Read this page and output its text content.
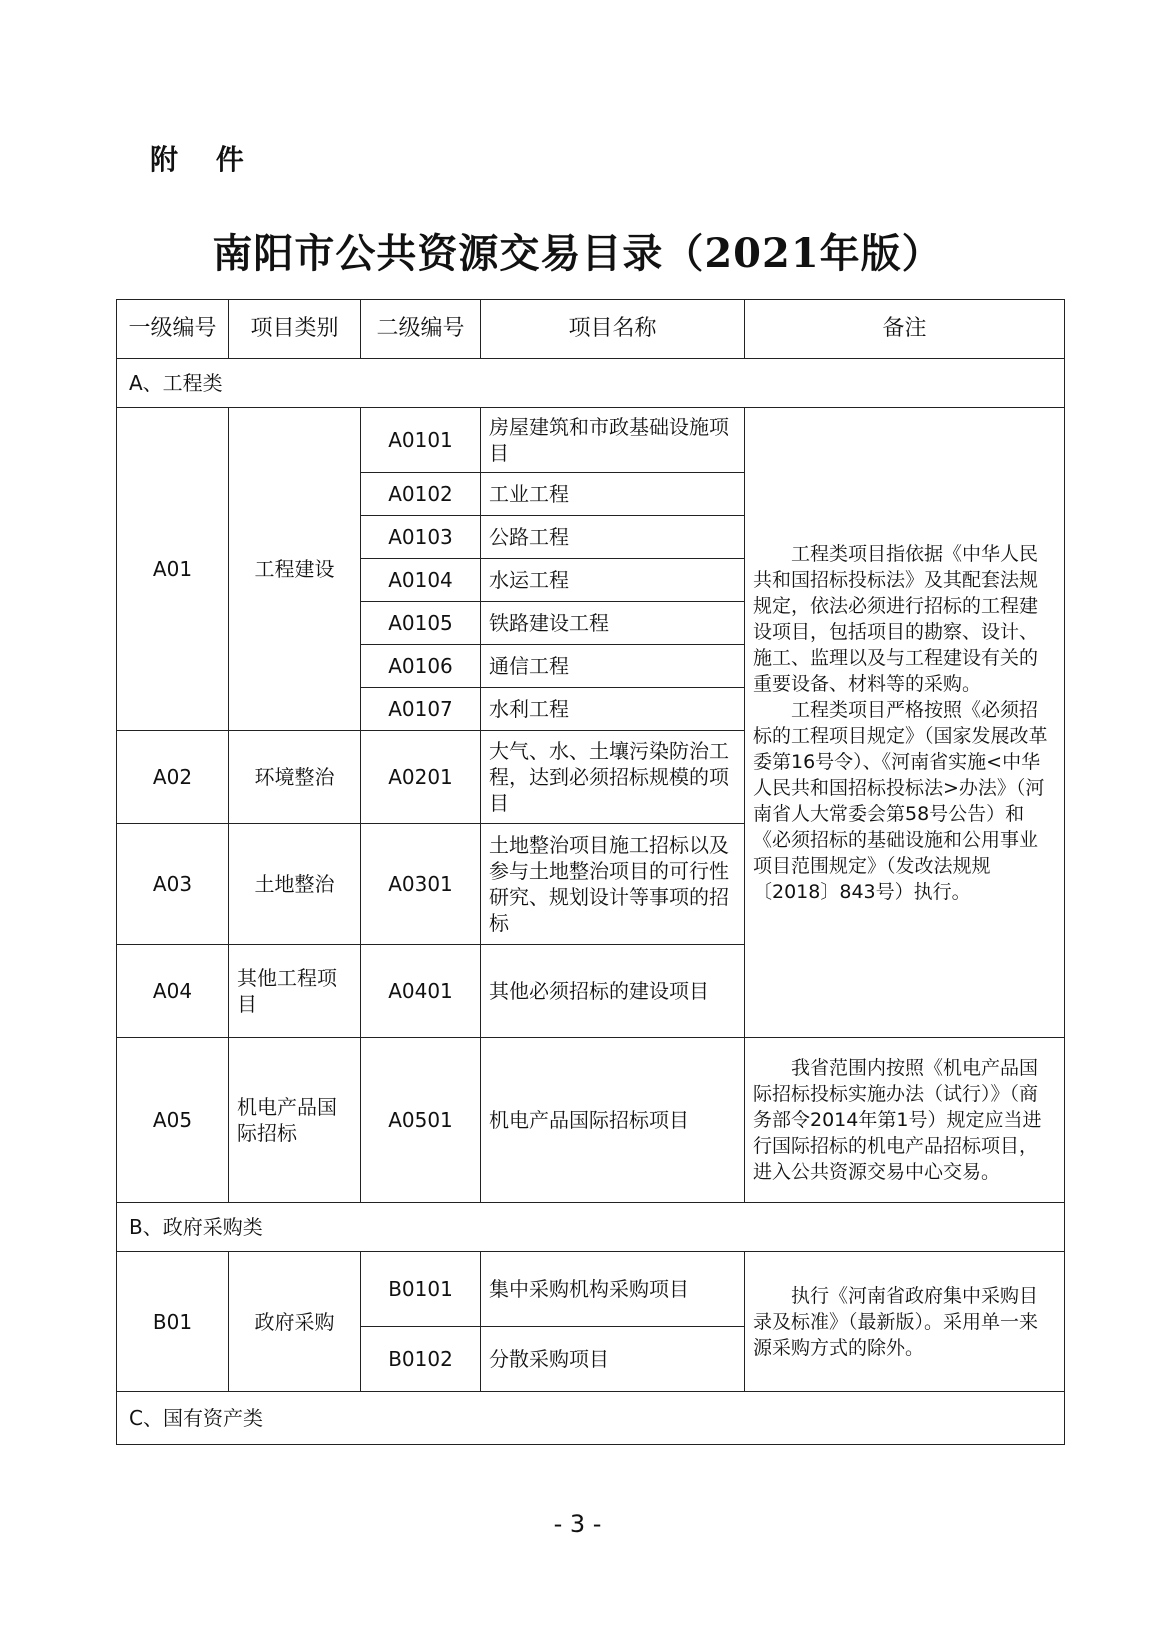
附 件
南阳市公共资源交易目录（2021年版）
一级编号	项目类别	二级编号	项目名称	备注
A、工程类				
A01	工程建设	A0101	房屋建筑和市政基础设施项目	工程类项目指依据《中华人民共和国招标投标法》及其配套法规规定，依法必须进行招标的工程建设项目，包括项目的勘察、设计、施工、监理以及与工程建设有关的重要设备、材料等的采购。

工程类项目严格按照《必须招标的工程项目规定》（国家发展改革委第16号令）、《河南省实施<中华人民共和国招标投标法>办法》（河南省人大常委会第58号公告）和《必须招标的基础设施和公用事业项目范围规定》（发改法规规〔2018〕843号）执行。

		A0102	工业工程	
		A0103	公路工程	
		A0104	水运工程	
		A0105	铁路建设工程	
		A0106	通信工程	
		A0107	水利工程	
A02	环境整治	A0201	大气、水、土壤污染防治工程，达到必须招标规模的项目	
A03	土地整治	A0301	土地整治项目施工招标以及参与土地整治项目的可行性研究、规划设计等事项的招标	
A04	其他工程项目	A0401	其他必须招标的建设项目	
A05	机电产品国际招标	A0501	机电产品国际招标项目	我省范围内按照《机电产品国际招标投标实施办法（试行）》（商务部令2014年第1号）规定应当进行国际招标的机电产品招标项目，进入公共资源交易中心交易。

B、政府采购类				
B01	政府采购	B0101	集中采购机构采购项目	执行《河南省政府集中采购目录及标准》（最新版）。采用单一来源采购方式的除外。

		B0102	分散采购项目	
C、国有资产类				
- 3 -
